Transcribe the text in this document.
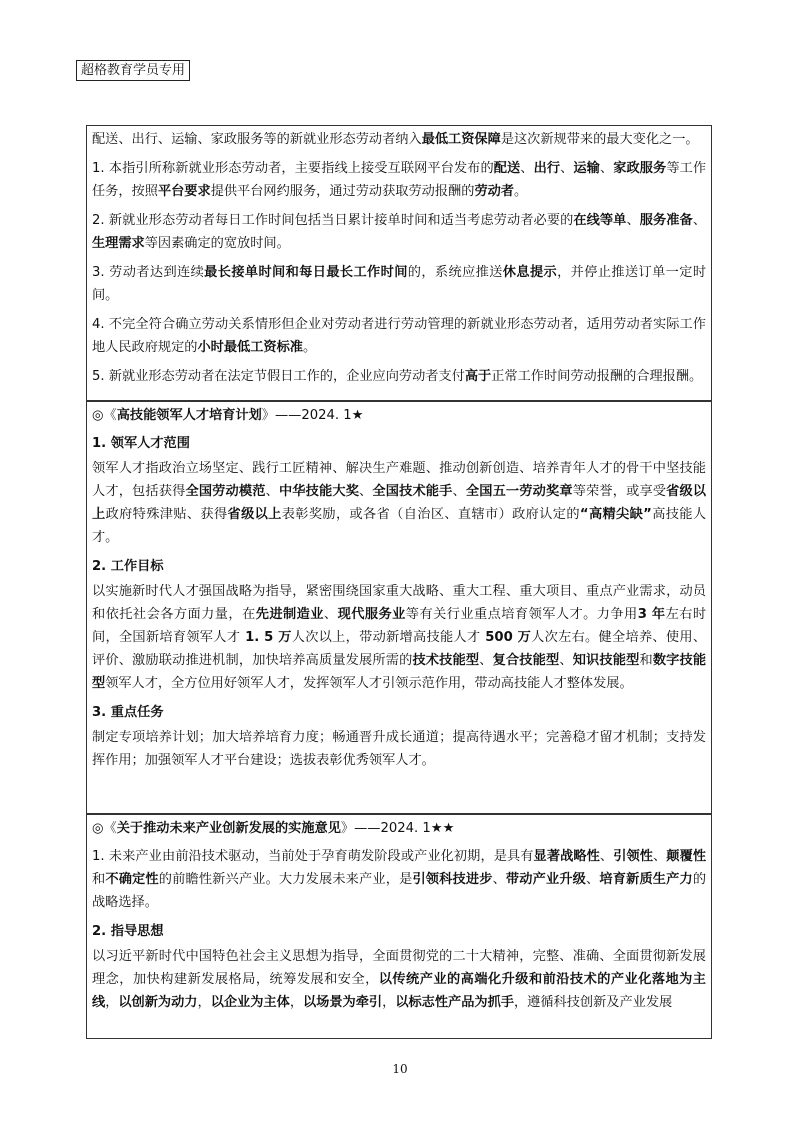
超格教育学员专用

配送、出行、运输、家政服务等的新就业形态劳动者纳入最低工资保障是这次新规带来的最大变化之一。

1. 本指引所称新就业形态劳动者，主要指线上接受互联网平台发布的配送、出行、运输、家政服务等工作任务，按照平台要求提供平台网约服务，通过劳动获取劳动报酬的劳动者。

2. 新就业形态劳动者每日工作时间包括当日累计接单时间和适当考虑劳动者必要的在线等单、服务准备、生理需求等因素确定的宽放时间。

3. 劳动者达到连续最长接单时间和每日最长工作时间的，系统应推送休息提示，并停止推送订单一定时间。

4. 不完全符合确立劳动关系情形但企业对劳动者进行劳动管理的新就业形态劳动者，适用劳动者实际工作地人民政府规定的小时最低工资标准。

5. 新就业形态劳动者在法定节假日工作的，企业应向劳动者支付高于正常工作时间劳动报酬的合理报酬。

◎《高技能领军人才培育计划》——2024. 1★

1. 领军人才范围

领军人才指政治立场坚定、践行工匠精神、解决生产难题、推动创新创造、培养青年人才的骨干中坚技能人才，包括获得全国劳动模范、中华技能大奖、全国技术能手、全国五一劳动奖章等荣誉，或享受省级以上政府特殊津贴、获得省级以上表彰奖励，或各省（自治区、直辖市）政府认定的“高精尖缺”高技能人才。

2. 工作目标

以实施新时代人才强国战略为指导，紧密围绕国家重大战略、重大工程、重大项目、重点产业需求，动员和依托社会各方面力量，在先进制造业、现代服务业等有关行业重点培育领军人才。力争用3 年左右时间，全国新培育领军人才 1. 5 万人次以上，带动新增高技能人才 500 万人次左右。健全培养、使用、评价、激励联动推进机制，加快培养高质量发展所需的技术技能型、复合技能型、知识技能型和数字技能型领军人才，全方位用好领军人才，发挥领军人才引领示范作用，带动高技能人才整体发展。

3. 重点任务

制定专项培养计划；加大培养培育力度；畅通晋升成长通道；提高待遇水平；完善稳才留才机制；支持发挥作用；加强领军人才平台建设；选拔表彰优秀领军人才。

◎《关于推动未来产业创新发展的实施意见》——2024. 1★★

1. 未来产业由前沿技术驱动，当前处于孕育萌发阶段或产业化初期，是具有显著战略性、引领性、颠覆性和不确定性的前瞻性新兴产业。大力发展未来产业，是引领科技进步、带动产业升级、培育新质生产力的战略选择。

2. 指导思想

以习近平新时代中国特色社会主义思想为指导，全面贯彻党的二十大精神，完整、准确、全面贯彻新发展理念，加快构建新发展格局，统筹发展和安全，以传统产业的高端化升级和前沿技术的产业化落地为主线，以创新为动力，以企业为主体，以场景为牵引，以标志性产品为抓手，遵循科技创新及产业发展

10
